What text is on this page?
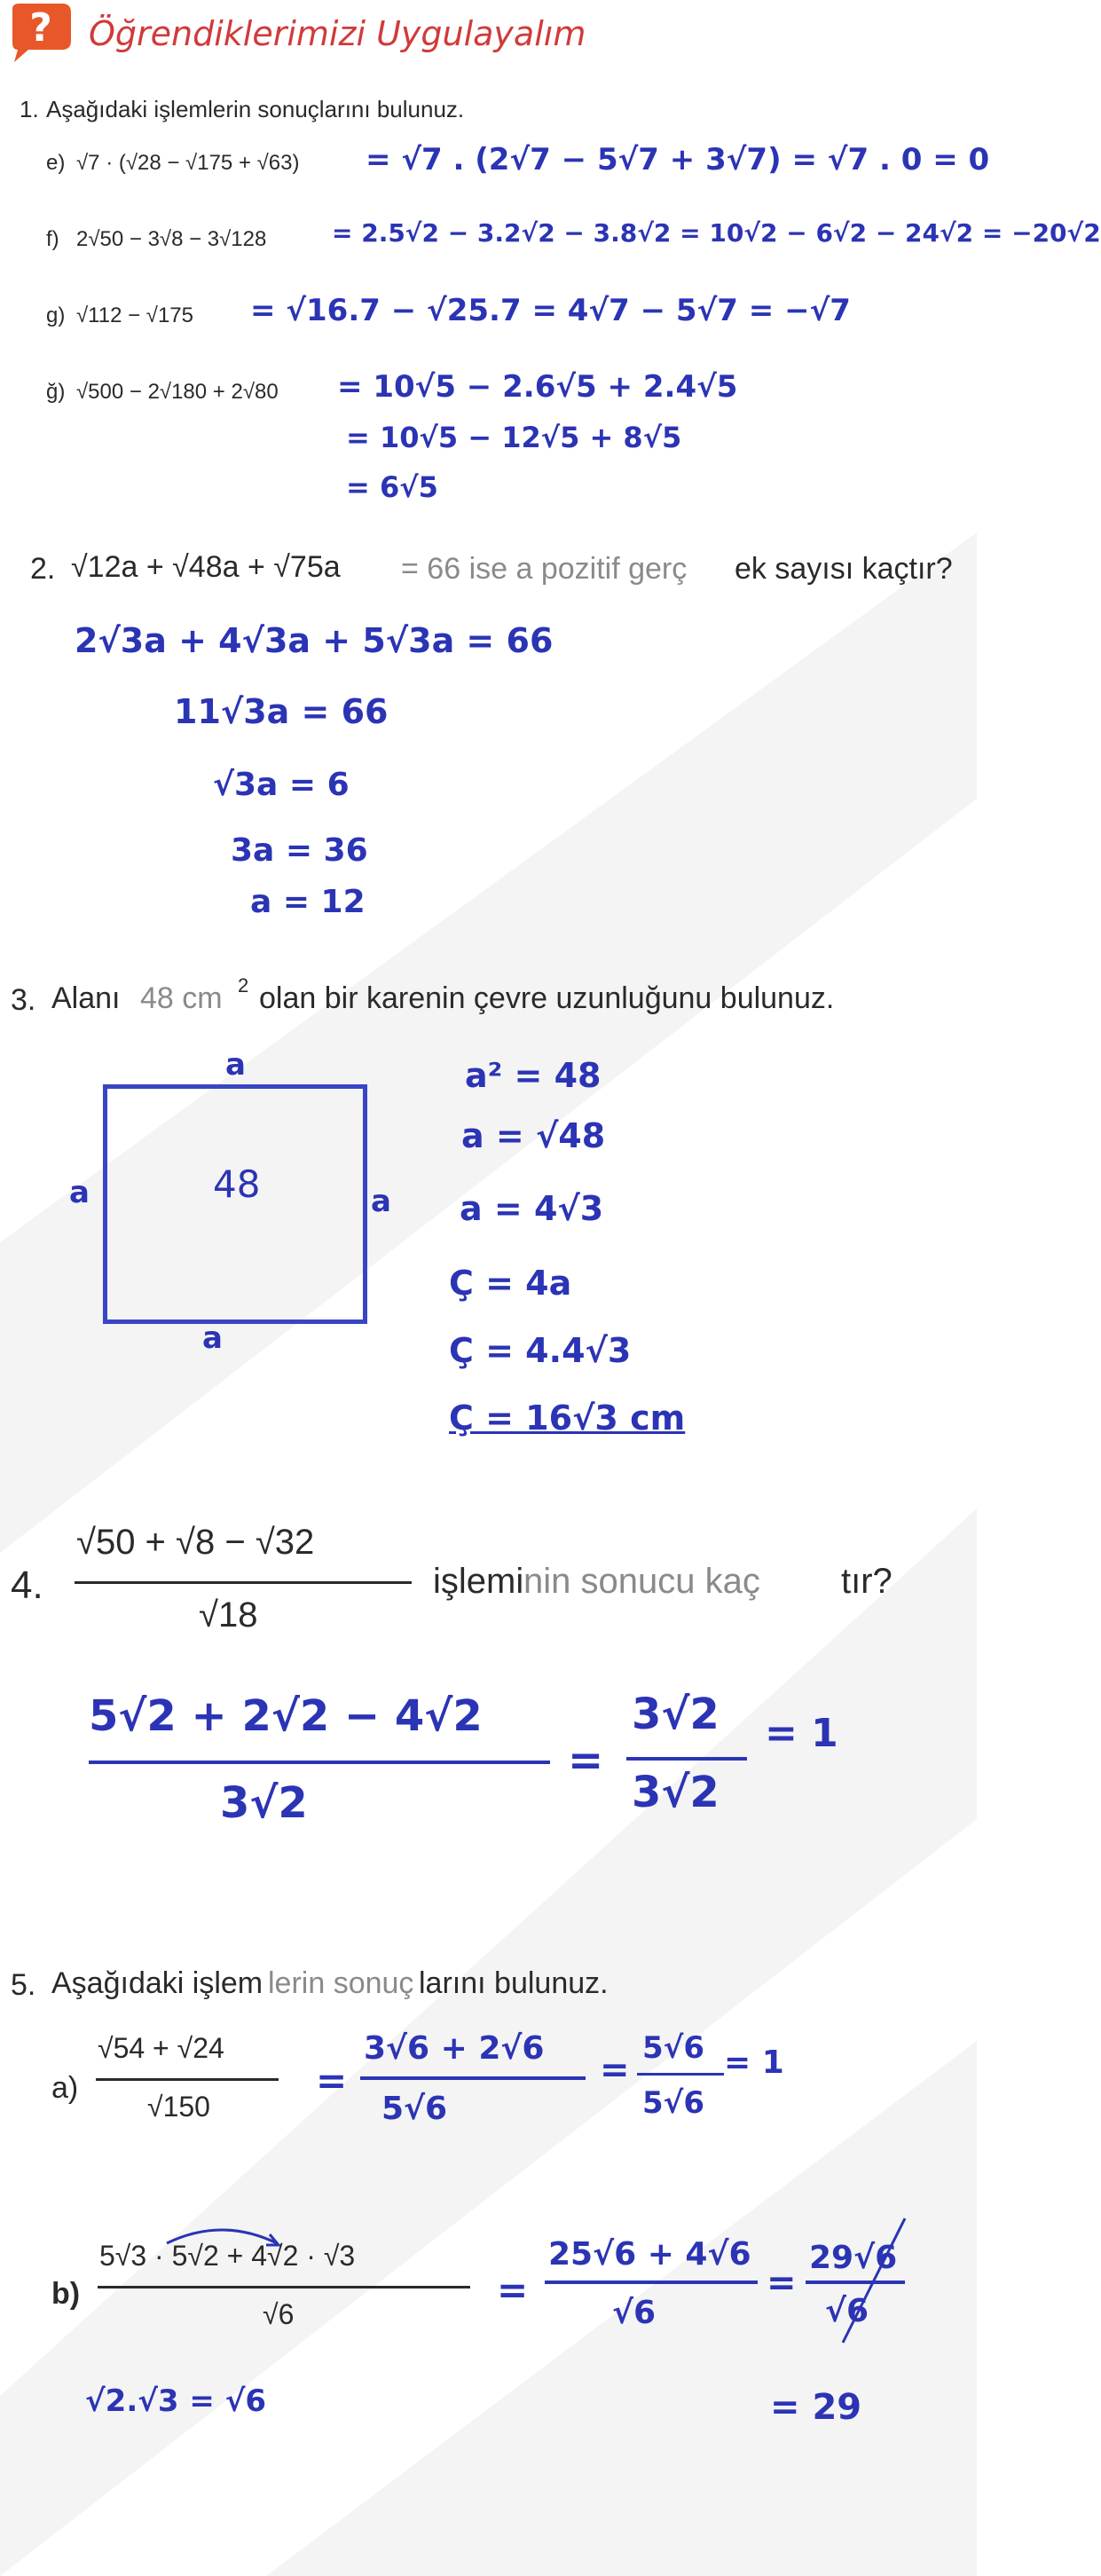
? Öğrendiklerimizi Uygulayalım
1. Aşağıdaki işlemlerin sonuçlarını bulunuz.
e) √7 · (√28 − √175 + √63) = √7 . (2√7 − 5√7 + 3√7) = √7 . 0 = 0
f) 2√50 − 3√8 − 3√128	= 2.5√2 − 3.2√2 − 3.8√2 = 10√2 − 6√2 − 24√2 = −20√2
g) √112 − √175 = √16.7 − √25.7 = 4√7 − 5√7 = −√7
ğ) √500 − 2√180 + 2√80 = 10√5 − 2.6√5 + 2.4√5
= 10√5 − 12√5 + 8√5
= 6√5
2. √12a + √48a + √75a = 66 ise a pozitif gerç ek sayısı kaçtır?
2√3a + 4√3a + 5√3a = 66
11√3a = 66
√3a = 6
3a = 36
a = 12
3. Alanı 48 cm 2 olan bir karenin çevre uzunluğunu bulunuz.
a
a	a
a
48
a² = 48
a = √48
a = 4√3
Ç = 4a
Ç = 4.4√3
Ç = 16√3 cm
4.
√50 + √8 − √32
√18
işlemi nin sonucu kaç tır?
5√2 + 2√2 − 4√2
3√2
=
3√2
3√2
= 1
5. Aşağıdaki işlem lerin sonuç larını bulunuz.
a)
√54 + √24
√150
=
3√6 + 2√6
5√6
=
5√6
5√6
= 1
b)
5√3 · 5√2 + 4√2 · √3
√6
=
25√6 + 4√6
√6
=
29√6
√6
= 29
√2.√3 = √6
